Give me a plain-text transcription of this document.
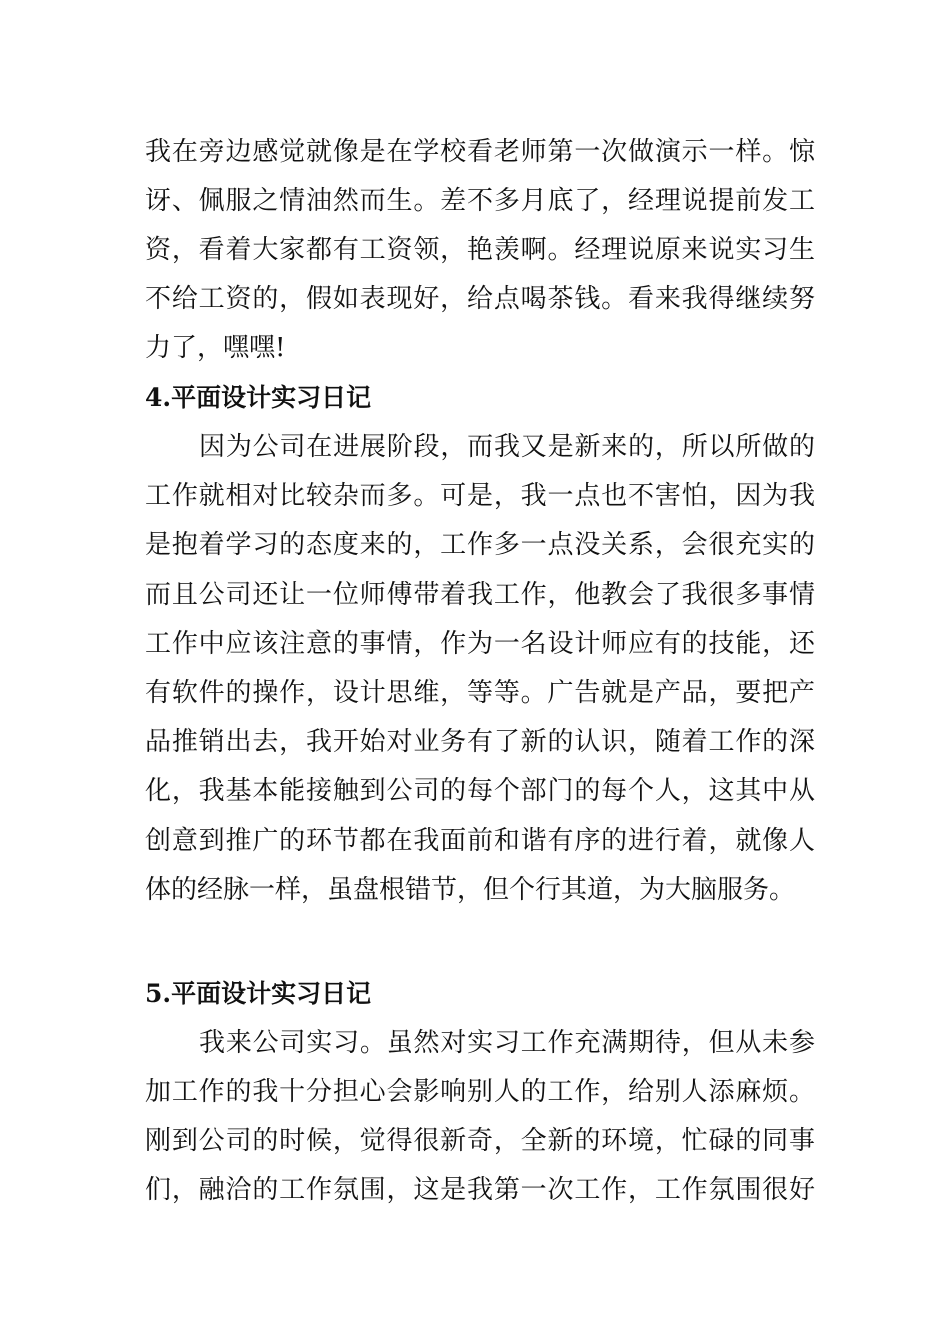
我在旁边感觉就像是在学校看老师第一次做演示一样。惊

讶、佩服之情油然而生。差不多月底了，经理说提前发工

资，看着大家都有工资领，艳羡啊。经理说原来说实习生

不给工资的，假如表现好，给点喝茶钱。看来我得继续努

力了，嘿嘿!

4.平面设计实习日记

因为公司在进展阶段，而我又是新来的，所以所做的

工作就相对比较杂而多。可是，我一点也不害怕，因为我

是抱着学习的态度来的，工作多一点没关系，会很充实的

而且公司还让一位师傅带着我工作，他教会了我很多事情

工作中应该注意的事情，作为一名设计师应有的技能，还

有软件的操作，设计思维，等等。广告就是产品，要把产

品推销出去，我开始对业务有了新的认识，随着工作的深

化，我基本能接触到公司的每个部门的每个人，这其中从

创意到推广的环节都在我面前和谐有序的进行着，就像人

体的经脉一样，虽盘根错节，但个行其道，为大脑服务。

5.平面设计实习日记

我来公司实习。虽然对实习工作充满期待，但从未参

加工作的我十分担心会影响别人的工作，给别人添麻烦。

刚到公司的时候，觉得很新奇，全新的环境，忙碌的同事

们，融洽的工作氛围，这是我第一次工作，工作氛围很好
